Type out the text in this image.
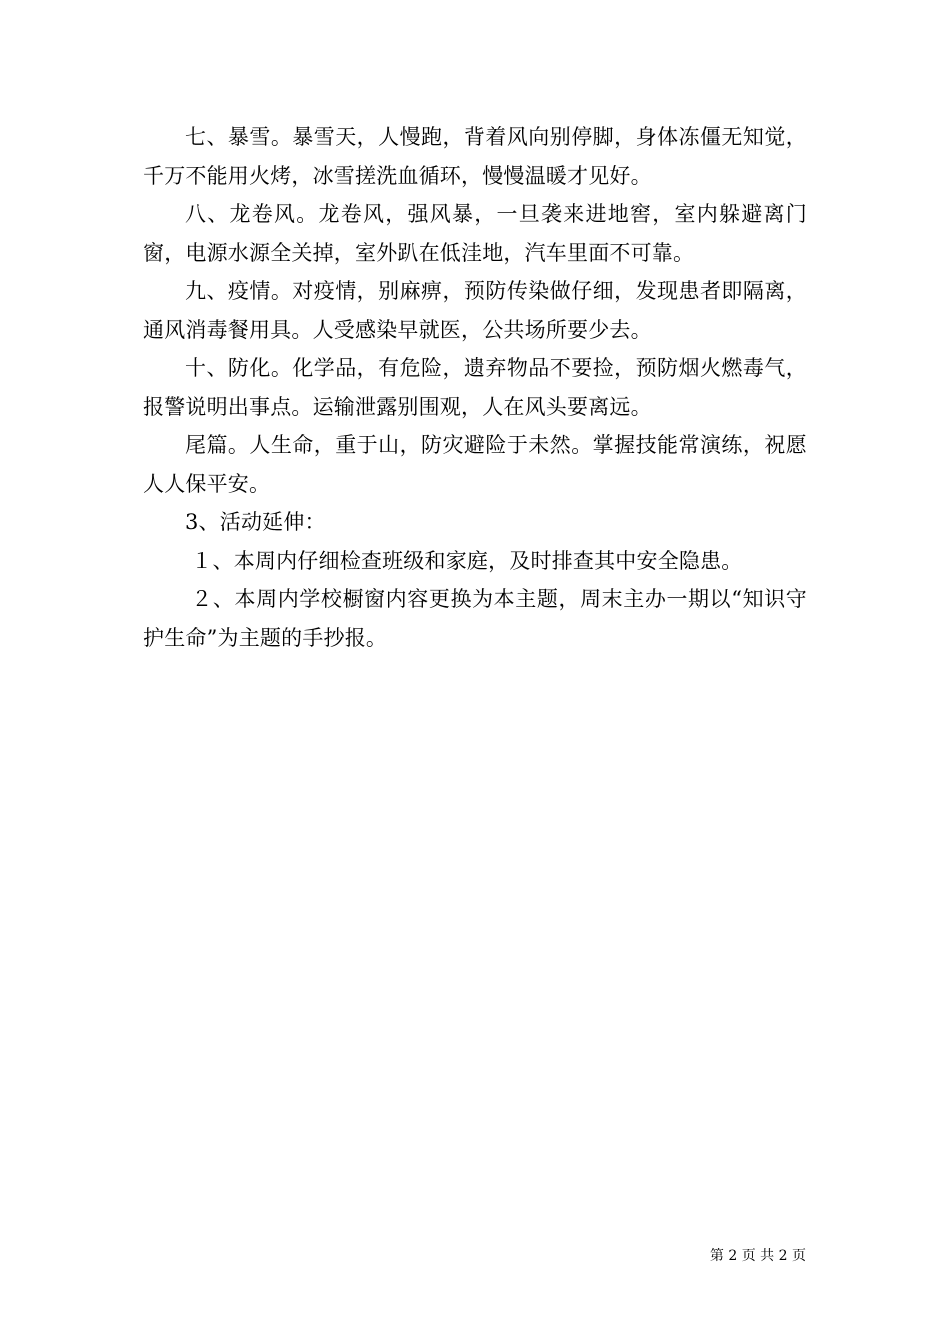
七、暴雪。暴雪天，人慢跑，背着风向别停脚，身体冻僵无知觉，千万不能用火烤，冰雪搓洗血循环，慢慢温暖才见好。

八、龙卷风。龙卷风，强风暴，一旦袭来进地窖，室内躲避离门窗，电源水源全关掉，室外趴在低洼地，汽车里面不可靠。

九、疫情。对疫情，别麻痹，预防传染做仔细，发现患者即隔离，通风消毒餐用具。人受感染早就医，公共场所要少去。

十、防化。化学品，有危险，遗弃物品不要捡，预防烟火燃毒气，报警说明出事点。运输泄露别围观，人在风头要离远。

尾篇。人生命，重于山，防灾避险于未然。掌握技能常演练，祝愿人人保平安。

3、活动延伸：

１、本周内仔细检查班级和家庭，及时排查其中安全隐患。

２、本周内学校橱窗内容更换为本主题，周末主办一期以“知识守护生命”为主题的手抄报。

第 2 页 共 2 页
